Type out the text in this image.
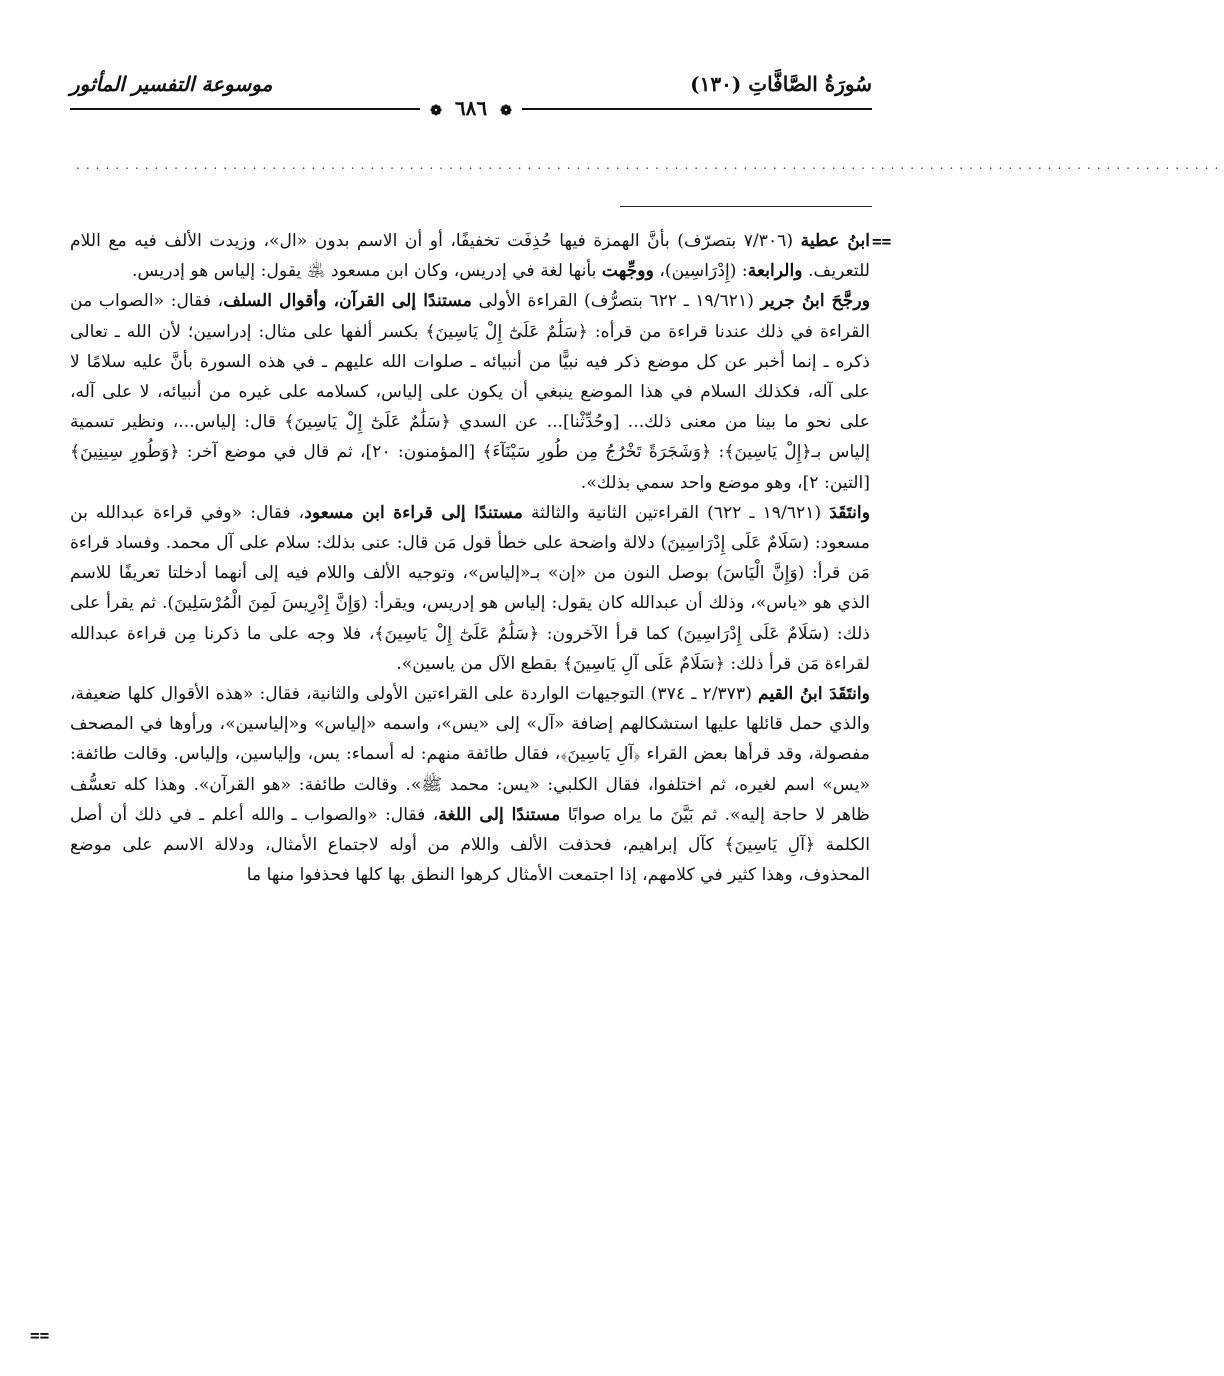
سُورَةُ الصَّافَّاتِ (١٣٠)
موسوعة التفسير المأثور
❁ ٦٨٦ ❁
.....................................................................................................................
==

ابنُ عطية (٧/٣٠٦ بتصرّف) بأنَّ الهمزة فيها حُذِفَت تخفيفًا، أو أن الاسم بدون «ال»، وزيدت الألف فيه مع اللام للتعريف. والرابعة: (إِدْرَاسِين)، ووجِّهت بأنها لغة في إدريس، وكان ابن مسعود ﵁ يقول: إلياس هو إدريس.

ورجَّحَ ابنُ جرير (١٩/٦٢١ ـ ٦٢٢ بتصرُّف) القراءة الأولى مستندًا إلى القرآن، وأقوال السلف، فقال: «الصواب من القراءة في ذلك عندنا قراءة من قرأه: ﴿سَلَٰمٌ عَلَىٰٓ إِلْ يَاسِينَ﴾ بكسر ألفها على مثال: إدراسين؛ لأن الله ـ تعالى ذكره ـ إنما أخبر عن كل موضع ذكر فيه نبيًّا من أنبيائه ـ صلوات الله عليهم ـ في هذه السورة بأنَّ عليه سلامًا لا على آله، فكذلك السلام في هذا الموضع ينبغي أن يكون على إلياس، كسلامه على غيره من أنبيائه، لا على آله، على نحو ما بينا من معنى ذلك... [وحُدِّثْنا]... عن السدي ﴿سَلَٰمٌ عَلَىٰٓ إِلْ يَاسِينَ﴾ قال: إلياس...، ونظير تسمية إلياس بـ﴿إِلْ يَاسِينَ﴾: ﴿وَشَجَرَةً تَخْرُجُ مِن طُورِ سَيْنَآءَ﴾ [المؤمنون: ٢٠]، ثم قال في موضع آخر: ﴿وَطُورِ سِينِينَ﴾ [التين: ٢]، وهو موضع واحد سمي بذلك».

وانتَقَدَ (١٩/٦٢١ ـ ٦٢٢) القراءتين الثانية والثالثة مستندًا إلى قراءة ابن مسعود، فقال: «وفي قراءة عبدالله بن مسعود: (سَلَامٌ عَلَى إِدْرَاسِينَ) دلالة واضحة على خطأ قول مَن قال: عنى بذلك: سلام على آل محمد. وفساد قراءة مَن قرأ: (وَإِنَّ الْيَاسَ) بوصل النون من «إن» بـ«إلياس»، وتوجيه الألف واللام فيه إلى أنهما أدخلتا تعريفًا للاسم الذي هو «ياس»، وذلك أن عبدالله كان يقول: إلياس هو إدريس، ويقرأ: (وَإِنَّ إِدْرِيسَ لَمِنَ الْمُرْسَلِينَ). ثم يقرأ على ذلك: (سَلَامٌ عَلَى إِدْرَاسِينَ) كما قرأ الآخرون: ﴿سَلَٰمٌ عَلَىٰٓ إِلْ يَاسِينَ﴾، فلا وجه على ما ذكرنا مِن قراءة عبدالله لقراءة مَن قرأ ذلك: ﴿سَلَامٌ عَلَى آلِ يَاسِينَ﴾ بقطع الآل من ياسين».

وانتَقَدَ ابنُ القيم (٢/٣٧٣ ـ ٣٧٤) التوجيهات الواردة على القراءتين الأولى والثانية، فقال: «هذه الأقوال كلها ضعيفة، والذي حمل قائلها عليها استشكالهم إضافة «آل» إلى «يس»، واسمه «إلياس» و«إلياسين»، ورأوها في المصحف مفصولة، وقد قرأها بعض القراء ﴿آلِ يَاسِينَ﴾، فقال طائفة منهم: له أسماء: يس، وإلياسين، وإلياس. وقالت طائفة: «يس» اسم لغيره، ثم اختلفوا، فقال الكلبي: «يس: محمد ﷺ». وقالت طائفة: «هو القرآن». وهذا كله تعسُّف ظاهر لا حاجة إليه». ثم بَيَّنَ ما يراه صوابًا مستندًا إلى اللغة، فقال: «والصواب ـ والله أعلم ـ في ذلك أن أصل الكلمة ﴿آلِ يَاسِينَ﴾ كآل إبراهيم، فحذفت الألف واللام من أوله لاجتماع الأمثال، ودلالة الاسم على موضع المحذوف، وهذا كثير في كلامهم، إذا اجتمعت الأمثال كرهوا النطق بها كلها فحذفوا منها ما

==
